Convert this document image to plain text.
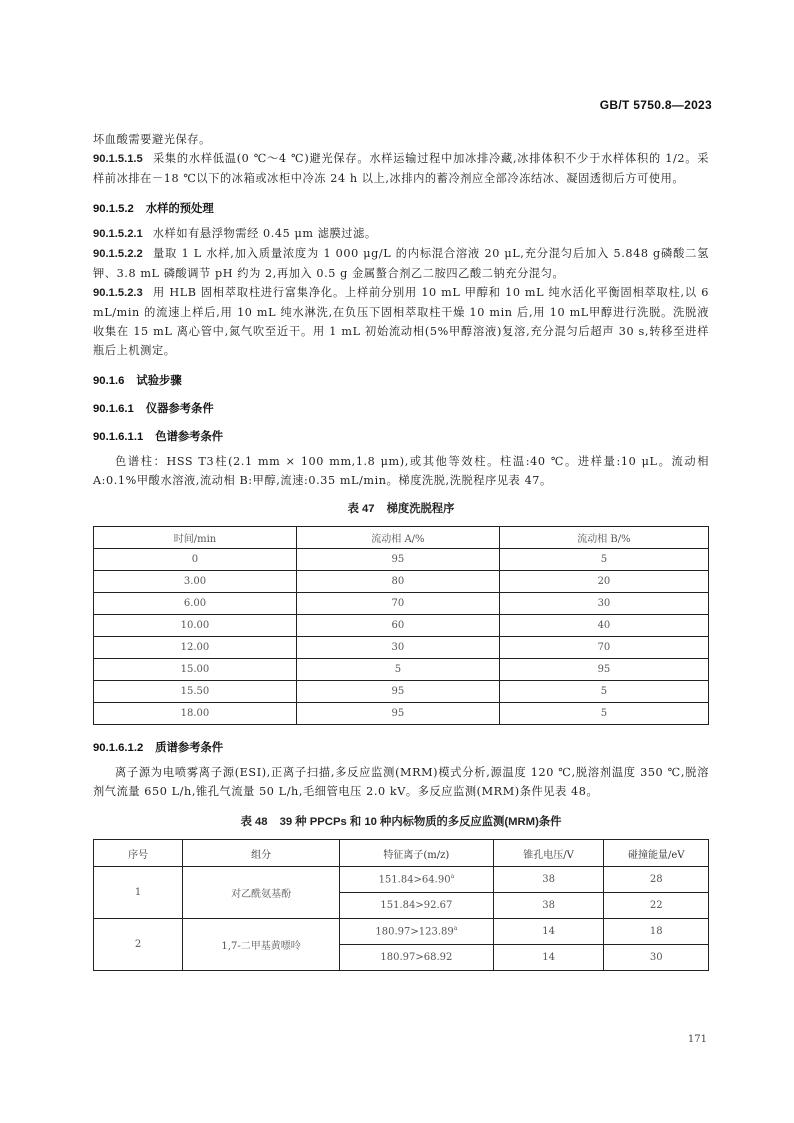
GB/T 5750.8—2023

坏血酸需要避光保存。

90.1.5.1.5 采集的水样低温(0 ℃～4 ℃)避光保存。水样运输过程中加冰排冷藏,冰排体积不少于水样体积的 1/2。采样前冰排在－18 ℃以下的冰箱或冰柜中冷冻 24 h 以上,冰排内的蓄冷剂应全部冷冻结冰、凝固透彻后方可使用。

90.1.5.2 水样的预处理

90.1.5.2.1 水样如有悬浮物需经 0.45 μm 滤膜过滤。

90.1.5.2.2 量取 1 L 水样,加入质量浓度为 1 000 μg/L 的内标混合溶液 20 μL,充分混匀后加入 5.848 g磷酸二氢钾、3.8 mL 磷酸调节 pH 约为 2,再加入 0.5 g 金属螯合剂乙二胺四乙酸二钠充分混匀。

90.1.5.2.3 用 HLB 固相萃取柱进行富集净化。上样前分别用 10 mL 甲醇和 10 mL 纯水活化平衡固相萃取柱,以 6 mL/min 的流速上样后,用 10 mL 纯水淋洗,在负压下固相萃取柱干燥 10 min 后,用 10 mL甲醇进行洗脱。洗脱液收集在 15 mL 离心管中,氮气吹至近干。用 1 mL 初始流动相(5%甲醇溶液)复溶,充分混匀后超声 30 s,转移至进样瓶后上机测定。

90.1.6 试验步骤
90.1.6.1 仪器参考条件
90.1.6.1.1 色谱参考条件

色谱柱：HSS T3柱(2.1 mm × 100 mm,1.8 μm),或其他等效柱。柱温:40 ℃。进样量:10 μL。流动相 A:0.1%甲酸水溶液,流动相 B:甲醇,流速:0.35 mL/min。梯度洗脱,洗脱程序见表 47。

表 47 梯度洗脱程序
时间/min	流动相 A/%	流动相 B/%
0	95	5
3.00	80	20
6.00	70	30
10.00	60	40
12.00	30	70
15.00	5	95
15.50	95	5
18.00	95	5
90.1.6.1.2 质谱参考条件

离子源为电喷雾离子源(ESI),正离子扫描,多反应监测(MRM)模式分析,源温度 120 ℃,脱溶剂温度 350 ℃,脱溶剂气流量 650 L/h,锥孔气流量 50 L/h,毛细管电压 2.0 kV。多反应监测(MRM)条件见表 48。

表 48 39 种 PPCPs 和 10 种内标物质的多反应监测(MRM)条件
序号	组分	特征离子(m/z)	锥孔电压/V	碰撞能量/eV
1	对乙酰氨基酚	151.84>64.90$^a$	38	28
		151.84>92.67	38	22
2	1,7-二甲基黄嘌呤	180.97>123.89$^a$	14	18
		180.97>68.92	14	30
171
